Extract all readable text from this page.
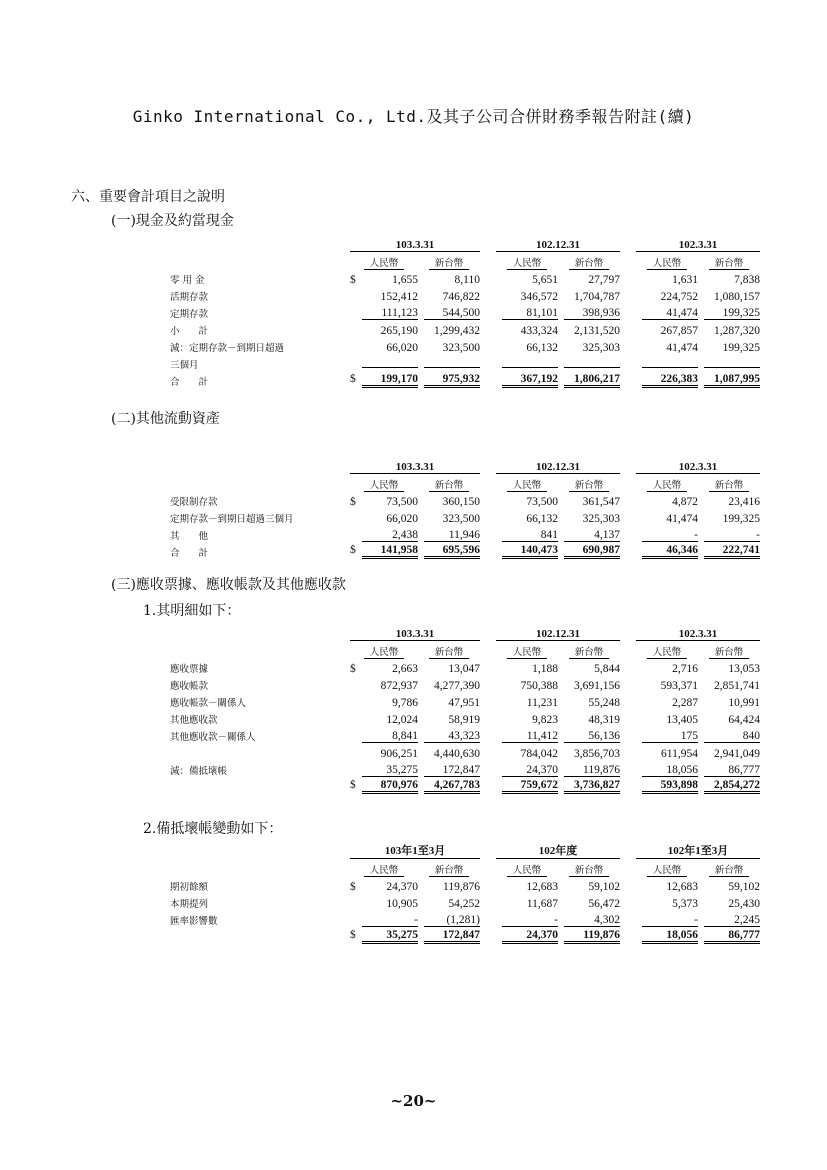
Ginko International Co., Ltd.及其子公司合併財務季報告附註(續)
六、重要會計項目之說明
(一)現金及約當現金
	103.3.31			102.12.31			102.3.31	
	人民幣	新台幣		人民幣	新台幣		人民幣	新台幣
零 用 金	$ 1,655	8,110		5,651	27,797		1,631	7,838
活期存款	152,412	746,822		346,572	1,704,787		224,752	1,080,157
定期存款	111,123	544,500		81,101	398,936		41,474	199,325
小　　計	265,190	1,299,432		433,324	2,131,520		267,857	1,287,320
減：定期存款－到期日超過	66,020	323,500		66,132	325,303		41,474	199,325
三個月								
合　　計	$ 199,170	975,932		367,192	1,806,217		226,383	1,087,995
(二)其他流動資產
	103.3.31			102.12.31			102.3.31	
	人民幣	新台幣		人民幣	新台幣		人民幣	新台幣
受限制存款	$ 73,500	360,150		73,500	361,547		4,872	23,416
定期存款－到期日超過三個月	66,020	323,500		66,132	325,303		41,474	199,325
其　　他	2,438	11,946		841	4,137		-	-
合　　計	$ 141,958	695,596		140,473	690,987		46,346	222,741
(三)應收票據、應收帳款及其他應收款
1.其明細如下：
	103.3.31			102.12.31			102.3.31	
	人民幣	新台幣		人民幣	新台幣		人民幣	新台幣
應收票據	$ 2,663	13,047		1,188	5,844		2,716	13,053
應收帳款	872,937	4,277,390		750,388	3,691,156		593,371	2,851,741
應收帳款－關係人	9,786	47,951		11,231	55,248		2,287	10,991
其他應收款	12,024	58,919		9,823	48,319		13,405	64,424
其他應收款－關係人	8,841	43,323		11,412	56,136		175	840
	906,251	4,440,630		784,042	3,856,703		611,954	2,941,049
減：備抵壞帳	35,275	172,847		24,370	119,876		18,056	86,777

	$ 870,976	4,267,783		759,672	3,736,827		593,898	2,854,272
2.備抵壞帳變動如下：
	103年1至3月			102年度			102年1至3月	
	人民幣	新台幣		人民幣	新台幣		人民幣	新台幣
期初餘額	$ 24,370	119,876		12,683	59,102		12,683	59,102
本期提列	10,905	54,252		11,687	56,472		5,373	25,430
匯率影響數	-	(1,281)		-	4,302		-	2,245

	$ 35,275	172,847		24,370	119,876		18,056	86,777
~20~
